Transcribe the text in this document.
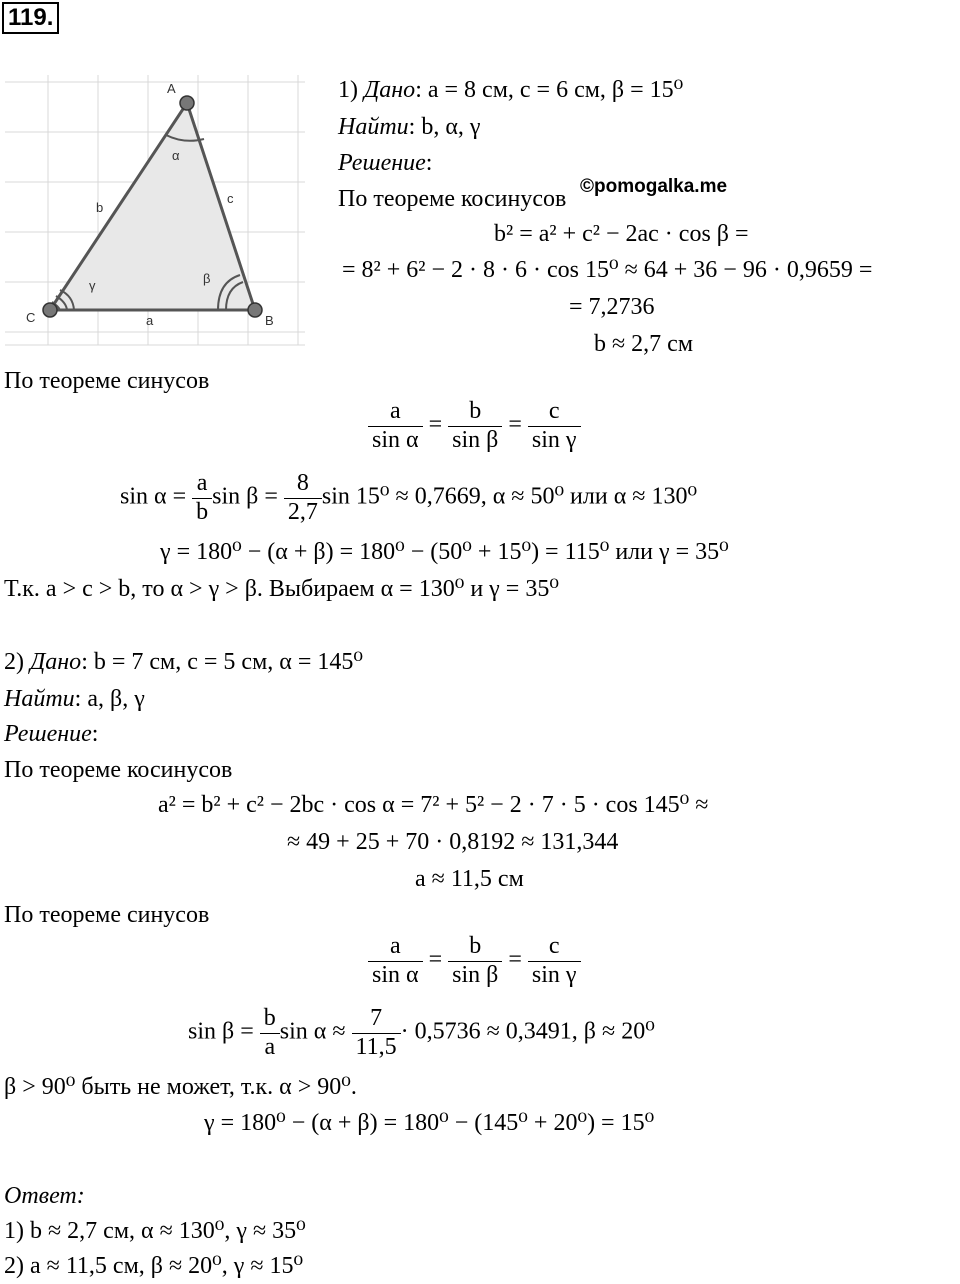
119.
A
C	B
a
b
c
α
β
γ
1) Дано: a = 8 см, c = 6 см, β = 15⁰
Найти: b, α, γ
Решение:
По теореме косинусов ©pomogalka.me
b² = a² + c² − 2ac · cos β =
= 8² + 6² − 2 · 8 · 6 · cos 15⁰ ≈ 64 + 36 − 96 · 0,9659 =
= 7,2736
b ≈ 2,7 см
По теореме синусов
$\frac{a}{\text{sin α}} = \frac{b}{\text{sin β}} = \frac{c}{\text{sin γ}}$
$\sin \alpha = \frac{a}{b}$ $\sin \beta = \frac{8}{2,7}$ sin 15⁰ ≈ 0,7669, α ≈ 50⁰ или α ≈ 130⁰
γ = 180⁰ − (α + β) = 180⁰ − (50⁰ + 15⁰) = 115⁰ или γ = 35⁰
Т.к. a > c > b, то α > γ > β. Выбираем α = 130⁰ и γ = 35⁰
2) Дано: b = 7 см, c = 5 см, α = 145⁰
Найти: a, β, γ
Решение:
По теореме косинусов
a² = b² + c² − 2bc · cos α = 7² + 5² − 2 · 7 · 5 · cos 145⁰ ≈
≈ 49 + 25 + 70 · 0,8192 ≈ 131,344
a ≈ 11,5 см
По теореме синусов
$\frac{a}{\text{sin α}} = \frac{b}{\text{sin β}} = \frac{c}{\text{sin γ}}$
$\sin \beta = \frac{b}{a}$ $\sin \alpha \approx \frac{7}{11,5} \cdot 0,5736 \approx 0,3491$, β ≈ 20⁰
β > 90⁰ быть не может, т.к. α > 90⁰.
γ = 180⁰ − (α + β) = 180⁰ − (145⁰ + 20⁰) = 15⁰
Ответ:
1) b ≈ 2,7 см, α ≈ 130⁰, γ ≈ 35⁰
2) a ≈ 11,5 см, β ≈ 20⁰, γ ≈ 15⁰
